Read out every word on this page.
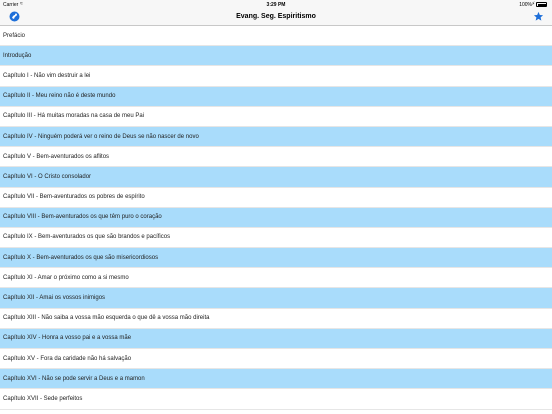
Carrier ≈	3:29 PM	⚡
100%
Evang. Seg. Espiritismo
Prefácio
Introdução
Capítulo I - Não vim destruir a lei
Capítulo II - Meu reino não é deste mundo
Capítulo III - Há muitas moradas na casa de meu Pai
Capítulo IV - Ninguém poderá ver o reino de Deus se não nascer de novo
Capítulo V - Bem-aventurados os aflitos
Capítulo VI - O Cristo consolador
Capítulo VII - Bem-aventurados os pobres de espírito
Capítulo VIII - Bem-aventurados os que têm puro o coração
Capítulo IX - Bem-aventurados os que são brandos e pacíficos
Capítulo X - Bem-aventurados os que são misericordiosos
Capítulo XI - Amar o próximo como a si mesmo
Capítulo XII - Amai os vossos inimigos
Capítulo XIII - Não saiba a vossa mão esquerda o que dê a vossa mão direita
Capítulo XIV - Honra a vosso pai e a vossa mãe
Capítulo XV - Fora da caridade não há salvação
Capítulo XVI - Não se pode servir a Deus e a mamon
Capítulo XVII - Sede perfeitos
